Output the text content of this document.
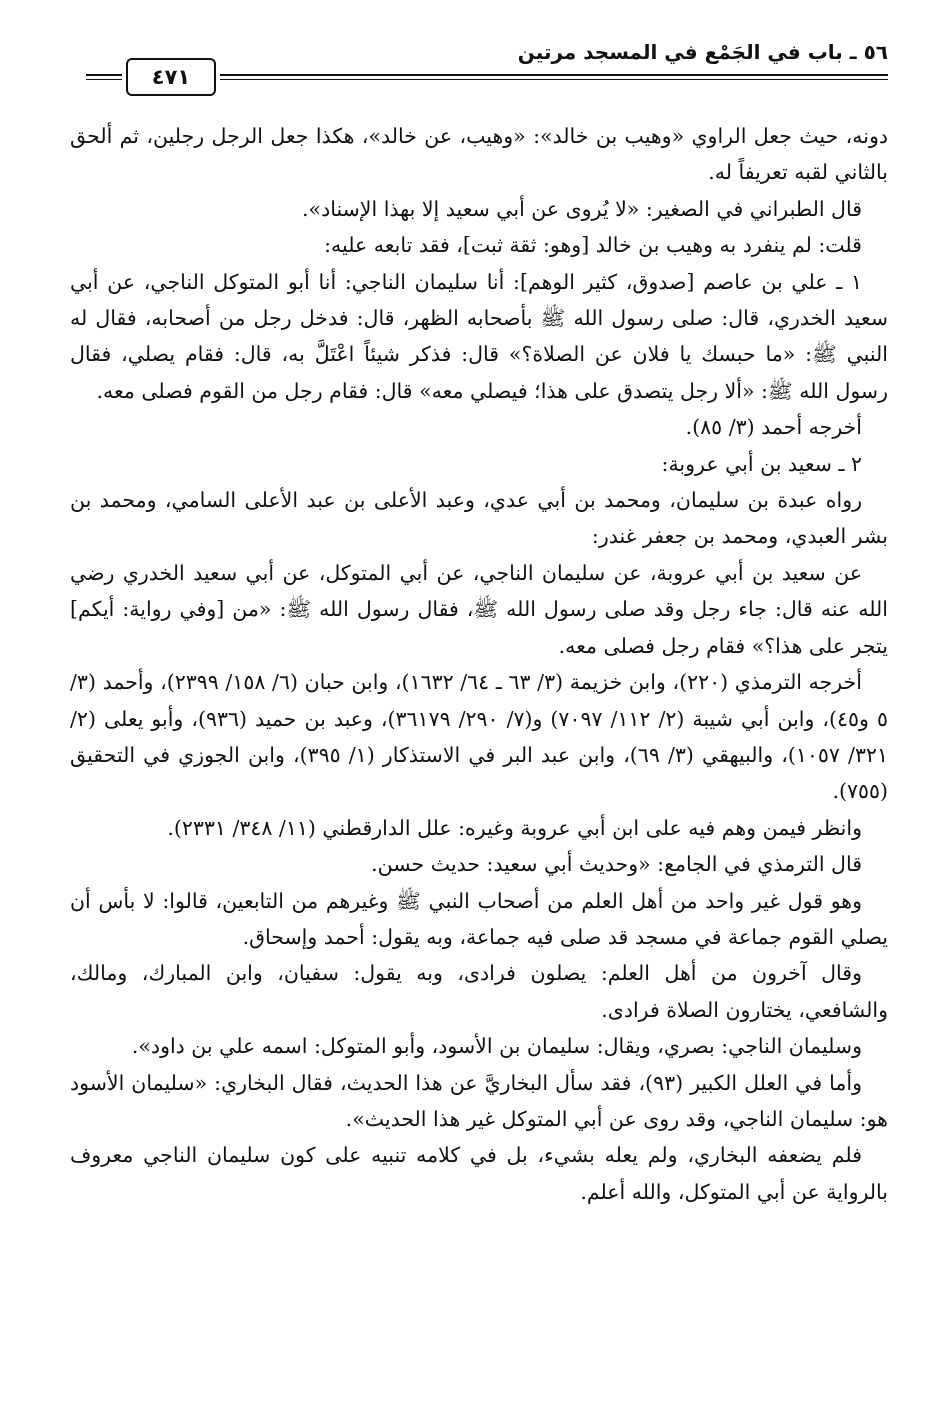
٥٦ ـ باب في الجَمْع في المسجد مرتين
٤٧١

دونه، حيث جعل الراوي «وهيب بن خالد»: «وهيب، عن خالد»، هكذا جعل الرجل رجلين، ثم ألحق بالثاني لقبه تعريفاً له.

قال الطبراني في الصغير: «لا يُروى عن أبي سعيد إلا بهذا الإسناد».

قلت: لم ينفرد به وهيب بن خالد [وهو: ثقة ثبت]، فقد تابعه عليه:

١ ـ علي بن عاصم [صدوق، كثير الوهم]: أنا سليمان الناجي: أنا أبو المتوكل الناجي، عن أبي سعيد الخدري، قال: صلى رسول الله ﷺ بأصحابه الظهر، قال: فدخل رجل من أصحابه، فقال له النبي ﷺ: «ما حبسك يا فلان عن الصلاة؟» قال: فذكر شيئاً اعْتَلَّ به، قال: فقام يصلي، فقال رسول الله ﷺ: «ألا رجل يتصدق على هذا؛ فيصلي معه» قال: فقام رجل من القوم فصلى معه.

أخرجه أحمد (٣/ ٨٥).

٢ ـ سعيد بن أبي عروبة:

رواه عبدة بن سليمان، ومحمد بن أبي عدي، وعبد الأعلى بن عبد الأعلى السامي، ومحمد بن بشر العبدي، ومحمد بن جعفر غندر:

عن سعيد بن أبي عروبة، عن سليمان الناجي، عن أبي المتوكل، عن أبي سعيد الخدري رضي الله عنه قال: جاء رجل وقد صلى رسول الله ﷺ، فقال رسول الله ﷺ: «من [وفي رواية: أيكم] يتجر على هذا؟» فقام رجل فصلى معه.

أخرجه الترمذي (٢٢٠)، وابن خزيمة (٣/ ٦٣ ـ ٦٤/ ١٦٣٢)، وابن حبان (٦/ ١٥٨/ ٢٣٩٩)، وأحمد (٣/ ٥ و٤٥)، وابن أبي شيبة (٢/ ١١٢/ ٧٠٩٧) و(٧/ ٢٩٠/ ٣٦١٧٩)، وعبد بن حميد (٩٣٦)، وأبو يعلى (٢/ ٣٢١/ ١٠٥٧)، والبيهقي (٣/ ٦٩)، وابن عبد البر في الاستذكار (١/ ٣٩٥)، وابن الجوزي في التحقيق (٧٥٥).

وانظر فيمن وهم فيه على ابن أبي عروبة وغيره: علل الدارقطني (١١/ ٣٤٨/ ٢٣٣١).

قال الترمذي في الجامع: «وحديث أبي سعيد: حديث حسن.

وهو قول غير واحد من أهل العلم من أصحاب النبي ﷺ وغيرهم من التابعين، قالوا: لا بأس أن يصلي القوم جماعة في مسجد قد صلى فيه جماعة، وبه يقول: أحمد وإسحاق.

وقال آخرون من أهل العلم: يصلون فرادى، وبه يقول: سفيان، وابن المبارك، ومالك، والشافعي، يختارون الصلاة فرادى.

وسليمان الناجي: بصري، ويقال: سليمان بن الأسود، وأبو المتوكل: اسمه علي بن داود».

وأما في العلل الكبير (٩٣)، فقد سأل البخاريَّ عن هذا الحديث، فقال البخاري: «سليمان الأسود هو: سليمان الناجي، وقد روى عن أبي المتوكل غير هذا الحديث».

فلم يضعفه البخاري، ولم يعله بشيء، بل في كلامه تنبيه على كون سليمان الناجي معروف بالرواية عن أبي المتوكل، والله أعلم.
